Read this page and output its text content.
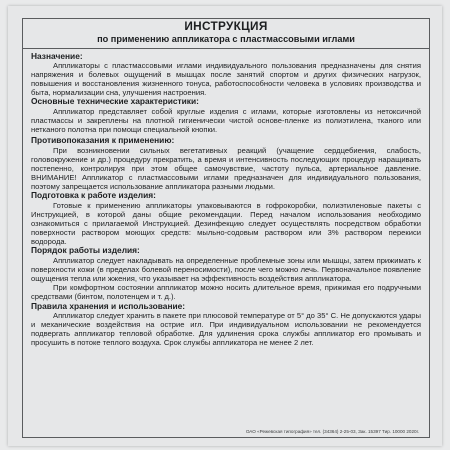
ИНСТРУКЦИЯ

по применению аппликатора с пластмассовыми иглами

Назначение:

Аппликаторы с пластмассовыми иглами индивидуального пользования предназначены для снятия напряжения и болевых ощущений в мышцах после занятий спортом и других физических нагрузок, повышения и восстановления жизненного тонуса, работоспособности человека в условиях производства и быта, нормализации сна, улучшения настроения.

Основные технические характеристики:

Аппликатор представляет собой круглые изделия с иглами, которые изготовлены из нетоксичной пластмассы и закреплены на плотной гигиенически чистой основе-пленке из полиэтилена, тканого или нетканого полотна при помощи специальной кнопки.

Противопоказания к применению:

При возникновении сильных вегетативных реакций (учащение сердцебиения, слабость, головокружение и др.) процедуру прекратить, а время и интенсивность последующих процедур наращивать постепенно, контролируя при этом общее самочувствие, частоту пульса, артериальное давление. ВНИМАНИЕ! Аппликатор с пластмассовыми иглами предназначен для индивидуального пользования, поэтому запрещается использование аппликатора разными людьми.

Подготовка к работе изделия:

Готовые к применению аппликаторы упаковываются в гофрокоробки, полиэтиленовые пакеты с Инструкцией, в которой даны общие рекомендации. Перед началом использования необходимо ознакомиться с прилагаемой Инструкцией. Дезинфекцию следует осуществлять посредством обработки поверхности раствором моющих средств: мыльно-содовым раствором или 3% раствором перекиси водорода.

Порядок работы изделия:

Аппликатор следует накладывать на определенные проблемные зоны или мышцы, затем прижимать к поверхности кожи (в пределах болевой переносимости), после чего можно лечь. Первоначальное появление ощущения тепла или жжения, что указывает на эффективность воздействия аппликатора.

При комфортном состоянии аппликатор можно носить длительное время, прижимая его подручными средствами (бинтом, полотенцем и т. д.).

Правила хранения и использование:

Аппликатор следует хранить в пакете при плюсовой температуре от 5° до 35° С. Не допускаются удары и механические воздействия на острие игл. При индивидуальном использовании не рекомендуется подвергать аппликатор тепловой обработке. Для удлинения срока службы аппликатор его промывать и просушить в потоке теплого воздуха. Срок службы аппликатора не менее 2 лет.

ОАО «Режевская типография» тел. (34364) 2-25-03, Зак. 15397 Тир. 10000 2020г.
